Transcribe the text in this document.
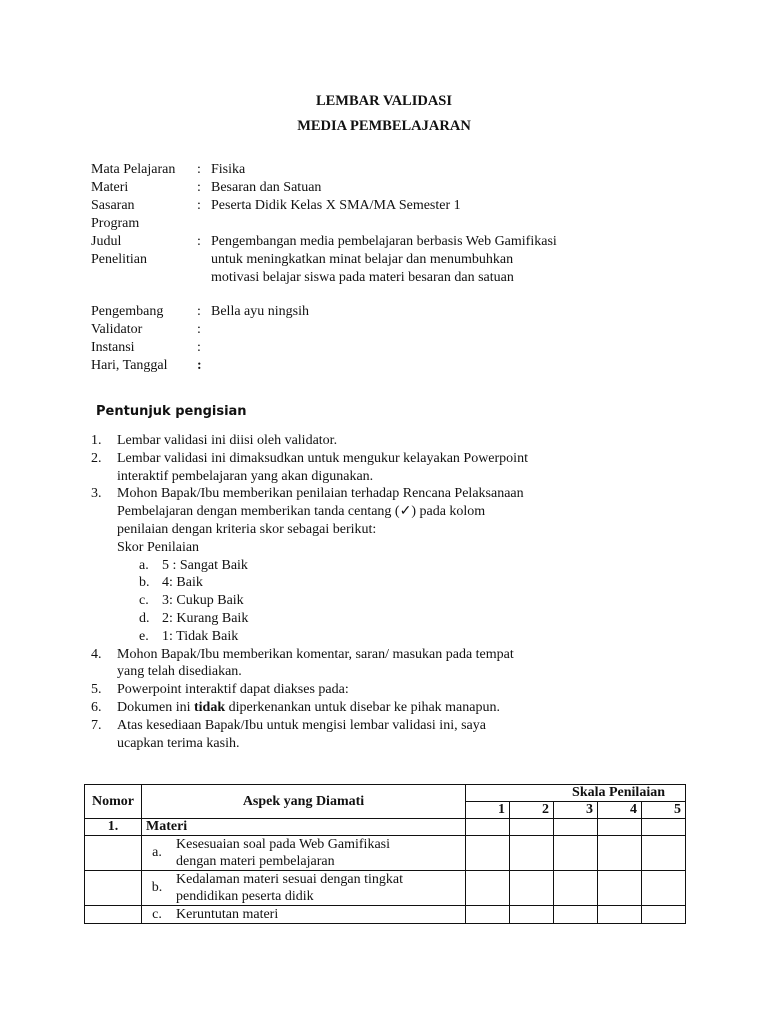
LEMBAR VALIDASI
MEDIA PEMBELAJARAN
Mata Pelajaran : Fisika
Materi	: Besaran dan Satuan
Sasaran	: Peserta Didik Kelas X SMA/MA Semester 1
Program
Judul	: Pengembangan media pembelajaran berbasis Web Gamifikasi
Penelitian	untuk meningkatkan minat belajar dan menumbuhkan
motivasi belajar siswa pada materi besaran dan satuan
Pengembang : Bella ayu ningsih
Validator	:
Instansi	:
Hari, Tanggal :
Pentunjuk pengisian
1. Lembar validasi ini diisi oleh validator.
2. Lembar validasi ini dimaksudkan untuk mengukur kelayakan Powerpoint
interaktif pembelajaran yang akan digunakan.
3. Mohon Bapak/Ibu memberikan penilaian terhadap Rencana Pelaksanaan
Pembelajaran dengan memberikan tanda centang (✓) pada kolom
penilaian dengan kriteria skor sebagai berikut:
Skor Penilaian
a. 5 : Sangat Baik
b. 4: Baik
c. 3: Cukup Baik
d. 2: Kurang Baik
e. 1: Tidak Baik
4. Mohon Bapak/Ibu memberikan komentar, saran/ masukan pada tempat
yang telah disediakan.
5. Powerpoint interaktif dapat diakses pada:
6. Dokumen ini tidak diperkenankan untuk disebar ke pihak manapun.
7. Atas kesediaan Bapak/Ibu untuk mengisi lembar validasi ini, saya
ucapkan terima kasih.
Nomor	Aspek yang Diamati		Skala Penilaian				
			1	2	3	4	5
1.	Materi						
	a.	Kesesuaian soal pada Web Gamifikasi
dengan materi pembelajaran					
	b.	Kedalaman materi sesuai dengan tingkat
pendidikan peserta didik					
	c.	Keruntutan materi					
